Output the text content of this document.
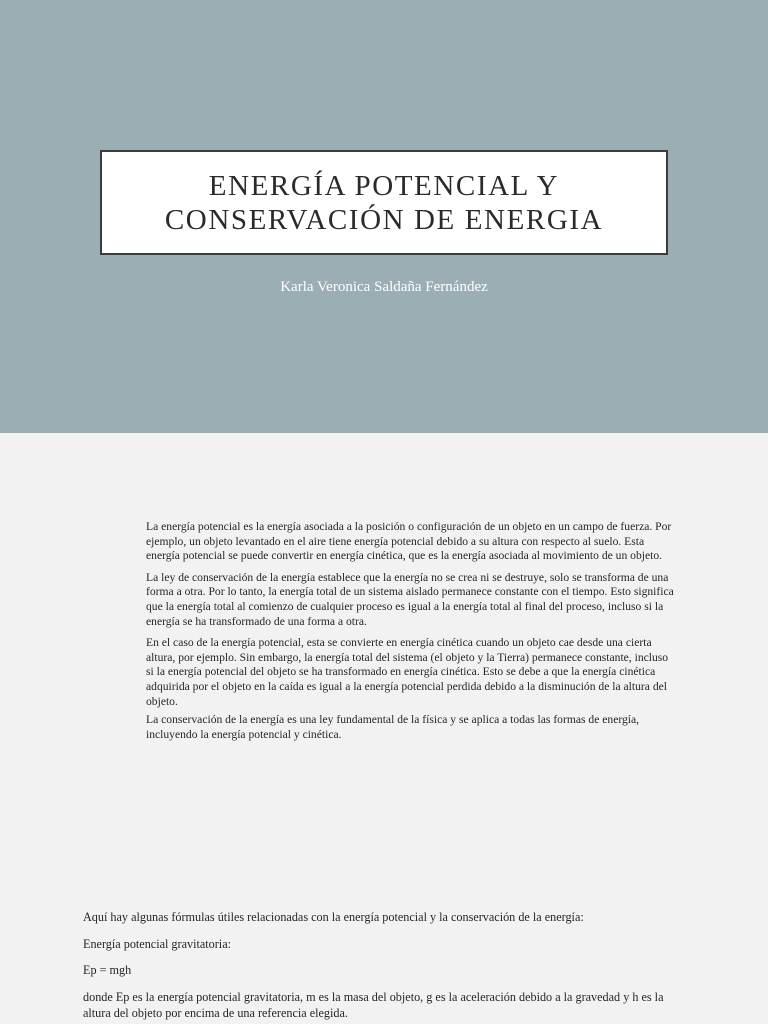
ENERGÍA POTENCIAL Y
CONSERVACIÓN DE ENERGIA
Karla Veronica Saldaña Fernández

La energía potencial es la energía asociada a la posición o configuración de un objeto en un campo de fuerza. Por ejemplo, un objeto levantado en el aire tiene energía potencial debido a su altura con respecto al suelo. Esta energía potencial se puede convertir en energía cinética, que es la energía asociada al movimiento de un objeto.

La ley de conservación de la energía establece que la energía no se crea ni se destruye, solo se transforma de una forma a otra. Por lo tanto, la energía total de un sistema aislado permanece constante con el tiempo. Esto significa que la energía total al comienzo de cualquier proceso es igual a la energía total al final del proceso, incluso si la energía se ha transformado de una forma a otra.

En el caso de la energía potencial, esta se convierte en energía cinética cuando un objeto cae desde una cierta altura, por ejemplo. Sin embargo, la energía total del sistema (el objeto y la Tierra) permanece constante, incluso si la energía potencial del objeto se ha transformado en energía cinética. Esto se debe a que la energía cinética adquirida por el objeto en la caída es igual a la energía potencial perdida debido a la disminución de la altura del objeto.

La conservación de la energía es una ley fundamental de la física y se aplica a todas las formas de energía, incluyendo la energía potencial y cinética.

Aquí hay algunas fórmulas útiles relacionadas con la energía potencial y la conservación de la energía:

Energía potencial gravitatoria:

Ep = mgh

donde Ep es la energía potencial gravitatoria, m es la masa del objeto, g es la aceleración debido a la gravedad y h es la altura del objeto por encima de una referencia elegida.
